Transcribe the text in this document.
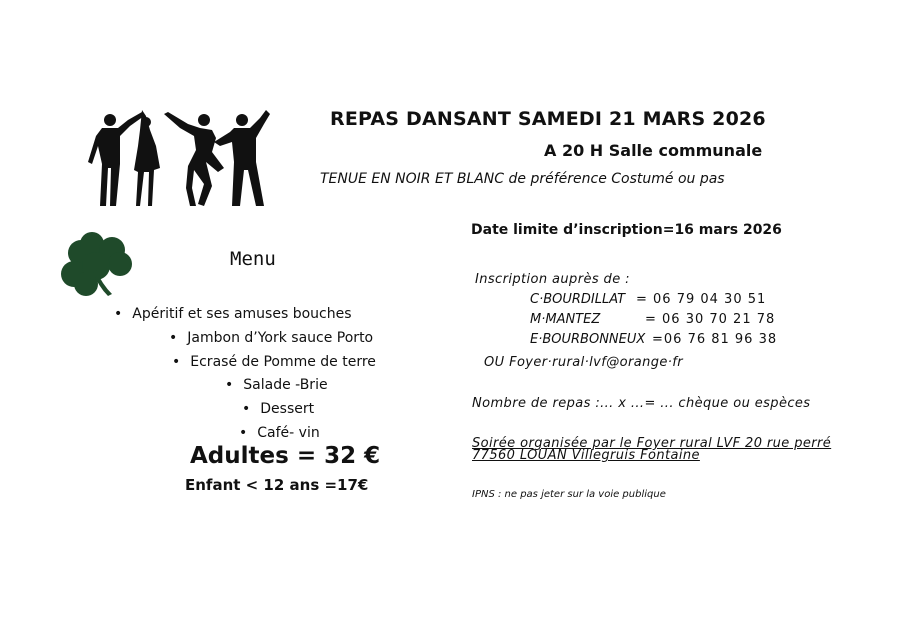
REPAS DANSANT SAMEDI 21 MARS 2026
A 20 H Salle communale
TENUE EN NOIR ET BLANC de préférence Costumé ou pas
Date limite d’inscription=16 mars 2026
Menu
• Apéritif et ses amuses bouches
• Jambon d’York sauce Porto
• Ecrasé de Pomme de terre
• Salade -Brie
• Dessert
• Café- vin
Adultes = 32 €
Enfant < 12 ans =17€
Inscription auprès de :
C·BOURDILLAT = 06 79 04 30 51
M·MANTEZ	= 06 30 70 21 78
E·BOURBONNEUX =06 76 81 96 38
OU Foyer·rural·lvf@orange·fr
Nombre de repas :... x ...= ... chèque ou espèces
Soirée organisée par le Foyer rural LVF 20 rue perré
77560 LOUAN Villegruis Fontaine
IPNS : ne pas jeter sur la voie publique
